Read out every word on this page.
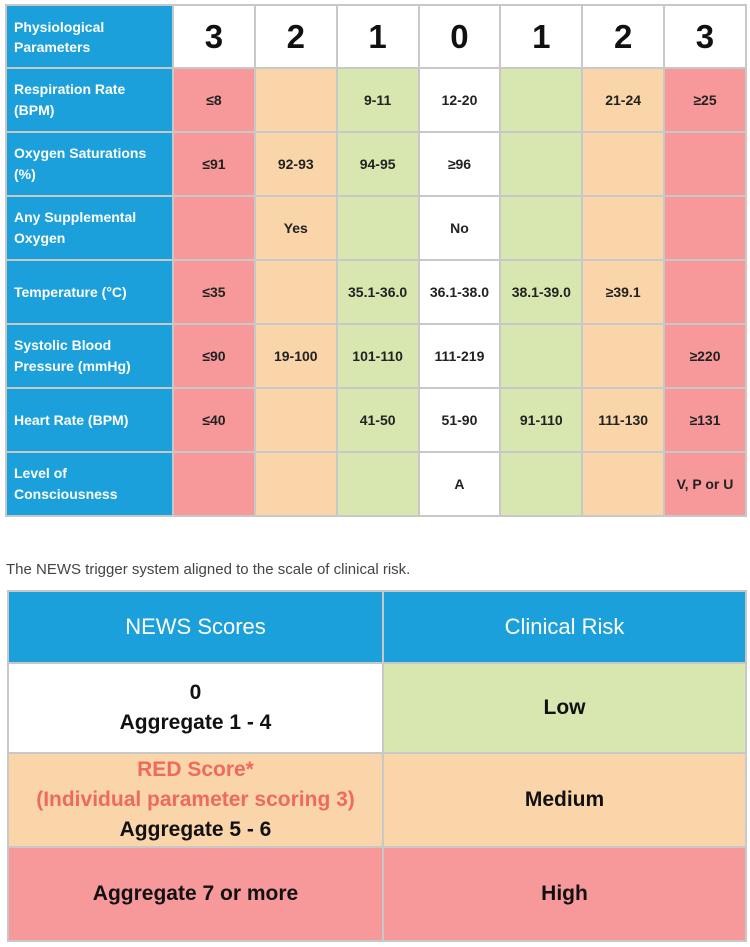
Physiological
Parameters	3	2	1	0	1	2	3
Respiration Rate
(BPM)	≤8		9-11	12-20		21-24	≥25
Oxygen Saturations
(%)	≤91	92-93	94-95	≥96			
Any Supplemental
Oxygen		Yes		No			
Temperature (°C)	≤35		35.1-36.0	36.1-38.0	38.1-39.0	≥39.1	
Systolic Blood
Pressure (mmHg)	≤90	19-100	101-110	111-219			≥220
Heart Rate (BPM)	≤40		41-50	51-90	91-110	111-130	≥131
Level of
Consciousness				A			V, P or U
The NEWS trigger system aligned to the scale of clinical risk.
NEWS Scores	Clinical Risk
0
Aggregate 1 - 4	Low
RED Score*
(Individual parameter scoring 3)
Aggregate 5 - 6	Medium
Aggregate 7 or more	High
